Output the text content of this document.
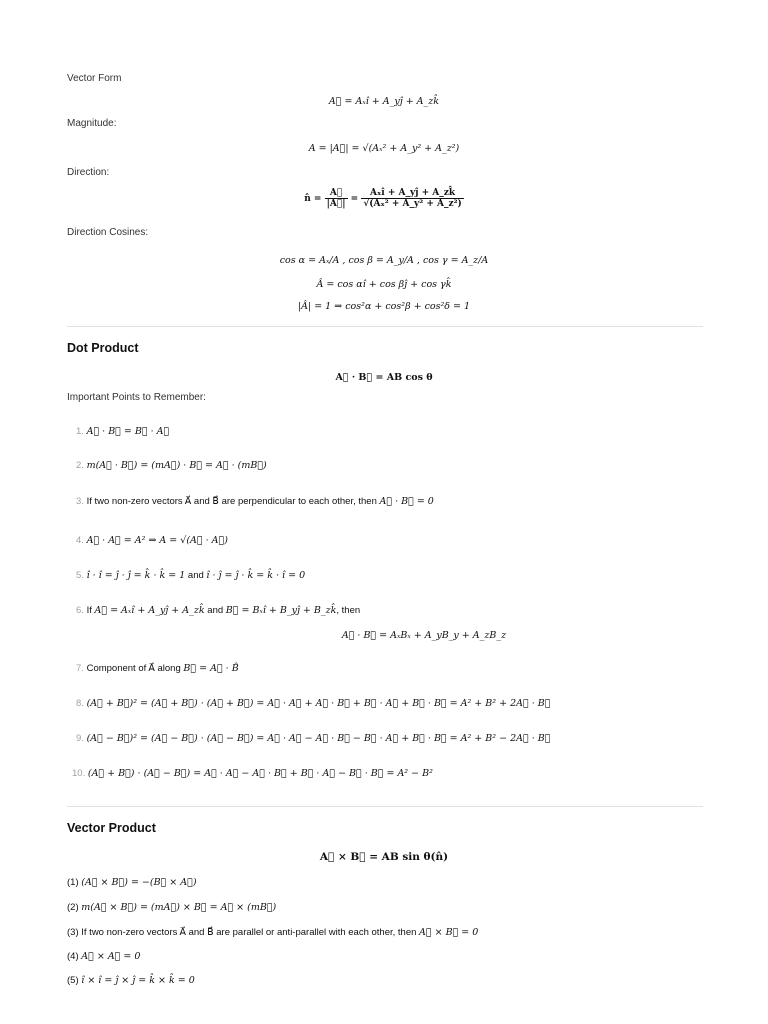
Vector Form
A⃗ = Aₓî + A_yĵ + A_zk̂
Magnitude:
A = |A⃗| = √(Aₓ² + A_y² + A_z²)
Direction:
n̂ = $\frac{A⃗}{|A⃗|} = \frac{\text{Aₓî + A\_yĵ + A\_zk̂}}{\text{√(Aₓ² + A\_y² + A\_z²)}}$
Direction Cosines:
cos α = Aₓ/A , cos β = A_y/A , cos γ = A_z/A
Â = cos αî + cos βĵ + cos γk̂
|Â| = 1 ⇒ cos²α + cos²β + cos²δ = 1
Dot Product
A⃗ · B⃗ = AB cos θ
Important Points to Remember:
1. A⃗ · B⃗ = B⃗ · A⃗
2. m(A⃗ · B⃗) = (mA⃗) · B⃗ = A⃗ · (mB⃗)
3. If two non-zero vectors A⃗ and B⃗ are perpendicular to each other, then A⃗ · B⃗ = 0
4. A⃗ · A⃗ = A² ⇒ A = √(A⃗ · A⃗)
5. î · î = ĵ · ĵ = k̂ · k̂ = 1 and î · ĵ = ĵ · k̂ = k̂ · î = 0
6. If A⃗ = Aₓî + A_yĵ + A_zk̂ and B⃗ = Bₓî + B_yĵ + B_zk̂, then
A⃗ · B⃗ = AₓBₓ + A_yB_y + A_zB_z
7. Component of A⃗ along B⃗ = A⃗ · B̂
8. (A⃗ + B⃗)² = (A⃗ + B⃗) · (A⃗ + B⃗) = A⃗ · A⃗ + A⃗ · B⃗ + B⃗ · A⃗ + B⃗ · B⃗ = A² + B² + 2A⃗ · B⃗
9. (A⃗ − B⃗)² = (A⃗ − B⃗) · (A⃗ − B⃗) = A⃗ · A⃗ − A⃗ · B⃗ − B⃗ · A⃗ + B⃗ · B⃗ = A² + B² − 2A⃗ · B⃗
10. (A⃗ + B⃗) · (A⃗ − B⃗) = A⃗ · A⃗ − A⃗ · B⃗ + B⃗ · A⃗ − B⃗ · B⃗ = A² − B²
Vector Product
A⃗ × B⃗ = AB sin θ(n̂)
(1) (A⃗ × B⃗) = −(B⃗ × A⃗)
(2) m(A⃗ × B⃗) = (mA⃗) × B⃗ = A⃗ × (mB⃗)
(3) If two non-zero vectors A⃗ and B⃗ are parallel or anti-parallel with each other, then A⃗ × B⃗ = 0
(4) A⃗ × A⃗ = 0
(5) î × î = ĵ × ĵ = k̂ × k̂ = 0
